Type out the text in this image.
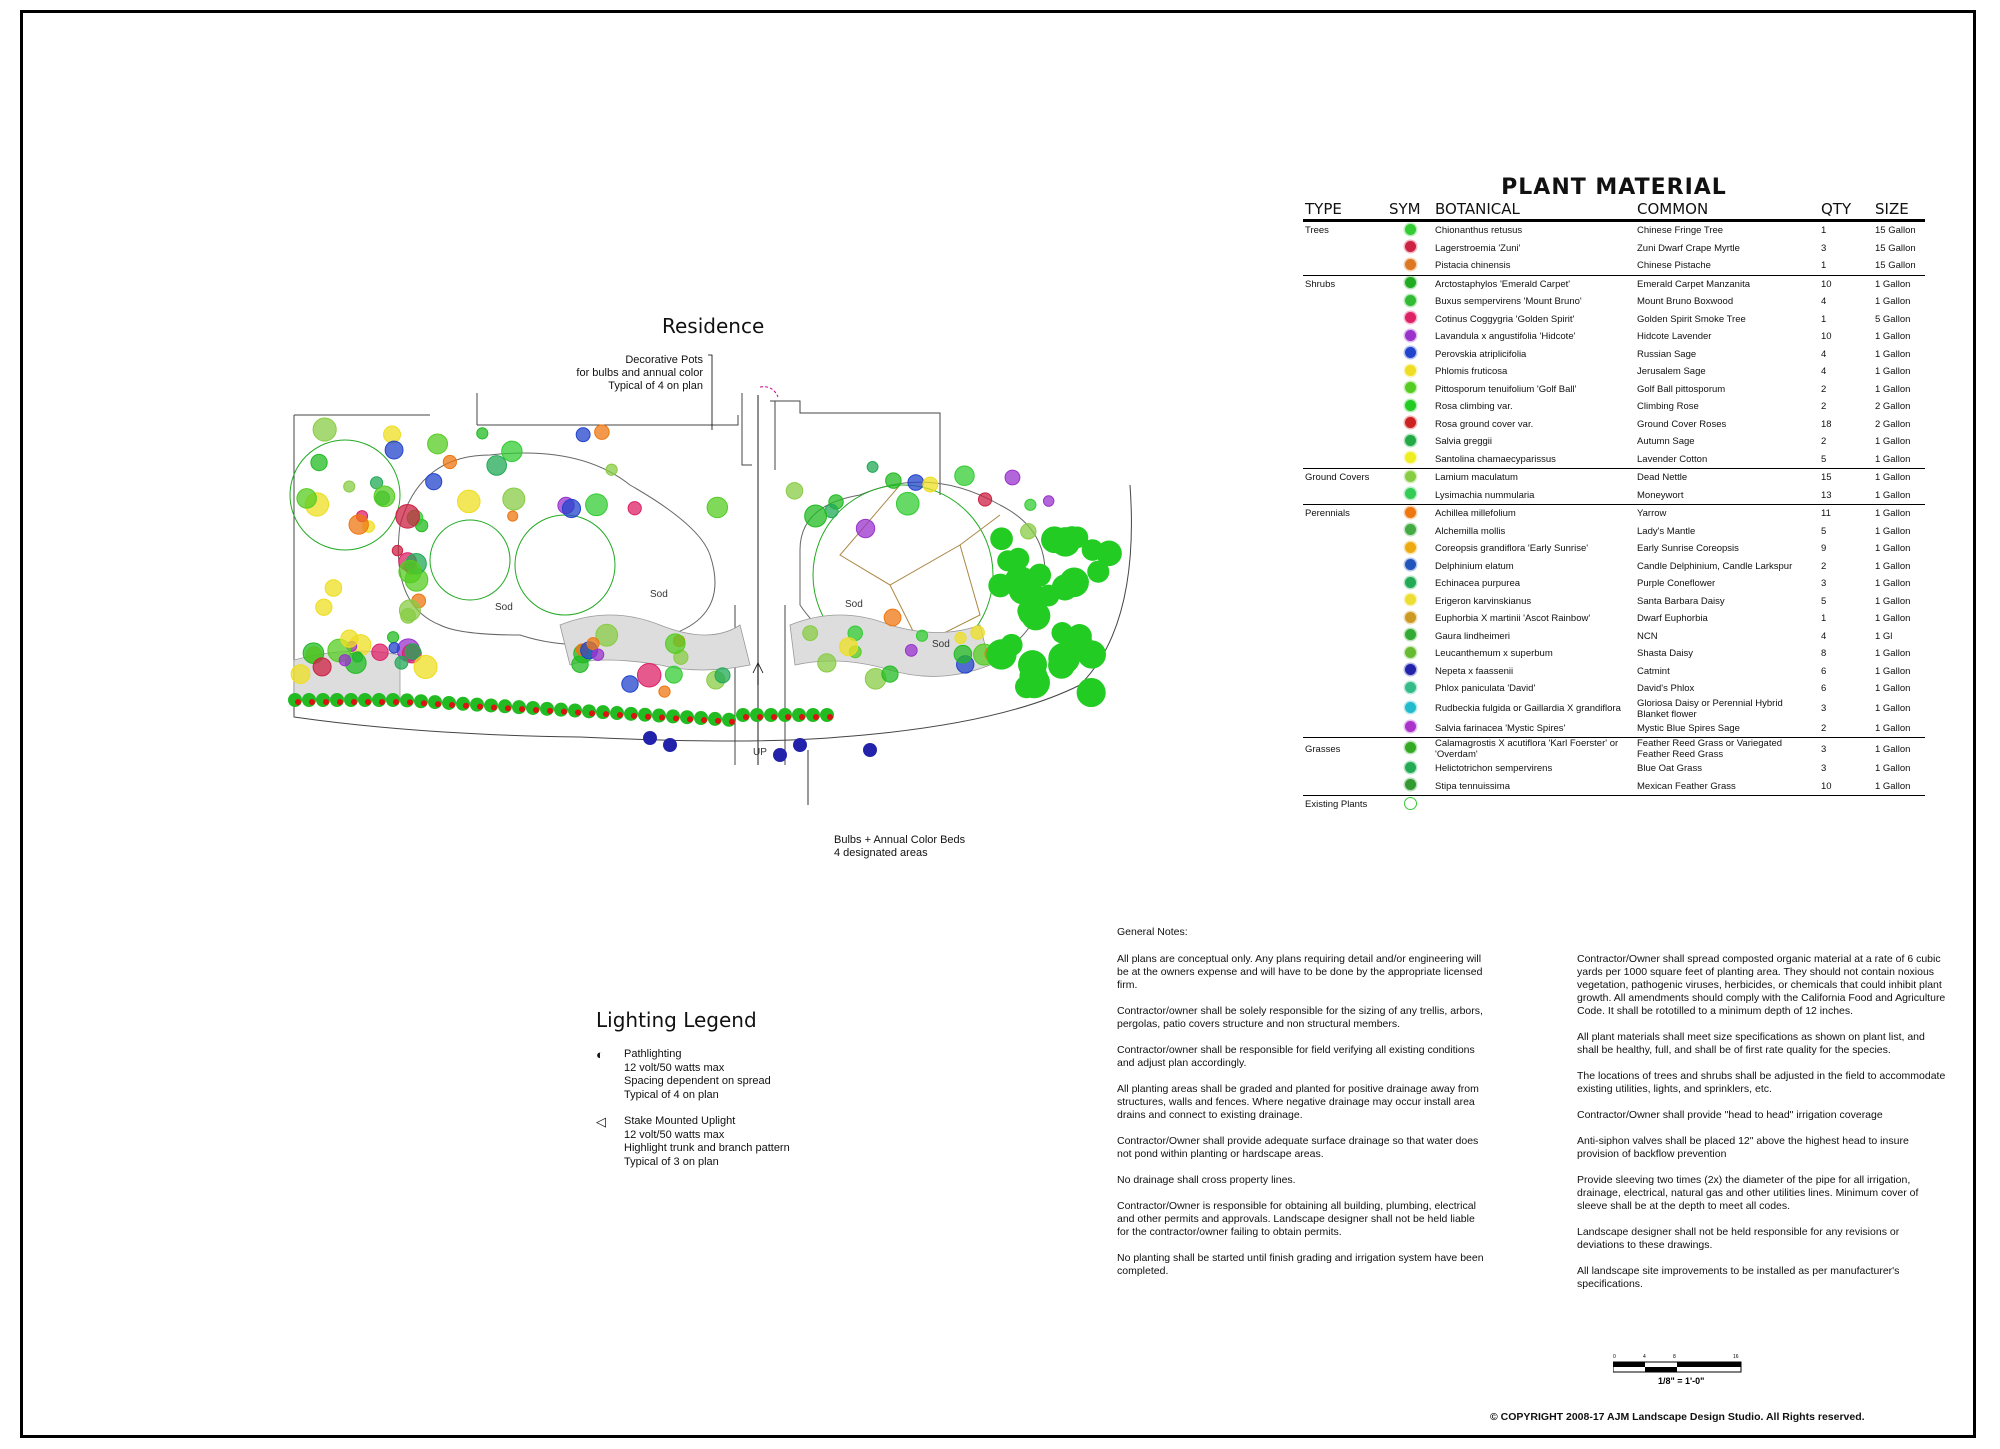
Residence
Decorative Pots
for bulbs and annual color
Typical of 4 on plan
Bulbs + Annual Color Beds
4 designated areas
Sod
Sod
Sod
Sod
UP
PLANT MATERIAL
TYPE	SYM	BOTANICAL	COMMON	QTY	SIZE
Trees		Chionanthus retusus	Chinese Fringe Tree	1	15 Gallon
		Lagerstroemia 'Zuni'	Zuni Dwarf Crape Myrtle	3	15 Gallon
		Pistacia chinensis	Chinese Pistache	1	15 Gallon
Shrubs		Arctostaphylos 'Emerald Carpet'	Emerald Carpet Manzanita	10	1 Gallon
		Buxus sempervirens 'Mount Bruno'	Mount Bruno Boxwood	4	1 Gallon
		Cotinus Coggygria 'Golden Spirit'	Golden Spirit Smoke Tree	1	5 Gallon
		Lavandula x angustifolia 'Hidcote'	Hidcote Lavender	10	1 Gallon
		Perovskia atriplicifolia	Russian Sage	4	1 Gallon
		Phlomis fruticosa	Jerusalem Sage	4	1 Gallon
		Pittosporum tenuifolium 'Golf Ball'	Golf Ball pittosporum	2	1 Gallon
		Rosa climbing var.	Climbing Rose	2	2 Gallon
		Rosa ground cover var.	Ground Cover Roses	18	2 Gallon
		Salvia greggii	Autumn Sage	2	1 Gallon
		Santolina chamaecyparissus	Lavender Cotton	5	1 Gallon
Ground Covers		Lamium maculatum	Dead Nettle	15	1 Gallon
		Lysimachia nummularia	Moneywort	13	1 Gallon
Perennials		Achillea millefolium	Yarrow	11	1 Gallon
		Alchemilla mollis	Lady's Mantle	5	1 Gallon
		Coreopsis grandiflora 'Early Sunrise'	Early Sunrise Coreopsis	9	1 Gallon
		Delphinium elatum	Candle Delphinium, Candle Larkspur	2	1 Gallon
		Echinacea purpurea	Purple Coneflower	3	1 Gallon
		Erigeron karvinskianus	Santa Barbara Daisy	5	1 Gallon
		Euphorbia X martinii 'Ascot Rainbow'	Dwarf Euphorbia	1	1 Gallon
		Gaura lindheimeri	NCN	4	1 Gl
		Leucanthemum x superbum	Shasta Daisy	8	1 Gallon
		Nepeta x faassenii	Catmint	6	1 Gallon
		Phlox paniculata 'David'	David's Phlox	6	1 Gallon
		Rudbeckia fulgida or Gaillardia X grandiflora	Gloriosa Daisy or Perennial Hybrid Blanket flower	3	1 Gallon
		Salvia farinacea 'Mystic Spires'	Mystic Blue Spires Sage	2	1 Gallon
Grasses		Calamagrostis X acutiflora 'Karl Foerster' or 'Overdam'	Feather Reed Grass or Variegated Feather Reed Grass	3	1 Gallon
		Helictotrichon sempervirens	Blue Oat Grass	3	1 Gallon
		Stipa tennuissima	Mexican Feather Grass	10	1 Gallon
Existing Plants					
Lighting Legend
◐ Pathlighting
12 volt/50 watts max
Spacing dependent on spread
Typical of 4 on plan
◁ Stake Mounted Uplight
12 volt/50 watts max
Highlight trunk and branch pattern
Typical of 3 on plan
General Notes:

All plans are conceptual only. Any plans requiring detail and/or engineering will be at the owners expense and will have to be done by the appropriate licensed firm.

Contractor/owner shall be solely responsible for the sizing of any trellis, arbors, pergolas, patio covers structure and non structural members.

Contractor/owner shall be responsible for field verifying all existing conditions and adjust plan accordingly.

All planting areas shall be graded and planted for positive drainage away from structures, walls and fences. Where negative drainage may occur install area drains and connect to existing drainage.

Contractor/Owner shall provide adequate surface drainage so that water does not pond within planting or hardscape areas.

No drainage shall cross property lines.

Contractor/Owner is responsible for obtaining all building, plumbing, electrical and other permits and approvals. Landscape designer shall not be held liable for the contractor/owner failing to obtain permits.

No planting shall be started until finish grading and irrigation system have been completed.

Contractor/Owner shall spread composted organic material at a rate of 6 cubic yards per 1000 square feet of planting area. They should not contain noxious vegetation, pathogenic viruses, herbicides, or chemicals that could inhibit plant growth. All amendments should comply with the California Food and Agriculture Code. It shall be rototilled to a minimum depth of 12 inches.

All plant materials shall meet size specifications as shown on plant list, and shall be healthy, full, and shall be of first rate quality for the species.

The locations of trees and shrubs shall be adjusted in the field to accommodate existing utilities, lights, and sprinklers, etc.

Contractor/Owner shall provide "head to head" irrigation coverage

Anti-siphon valves shall be placed 12" above the highest head to insure provision of backflow prevention

Provide sleeving two times (2x) the diameter of the pipe for all irrigation, drainage, electrical, natural gas and other utilities lines. Minimum cover of sleeve shall be at the depth to meet all codes.

Landscape designer shall not be held responsible for any revisions or deviations to these drawings.

All landscape site improvements to be installed as per manufacturer's specifications.

0	4	8	16
1/8" = 1'-0"
© COPYRIGHT 2008-17 AJM Landscape Design Studio. All Rights reserved.
